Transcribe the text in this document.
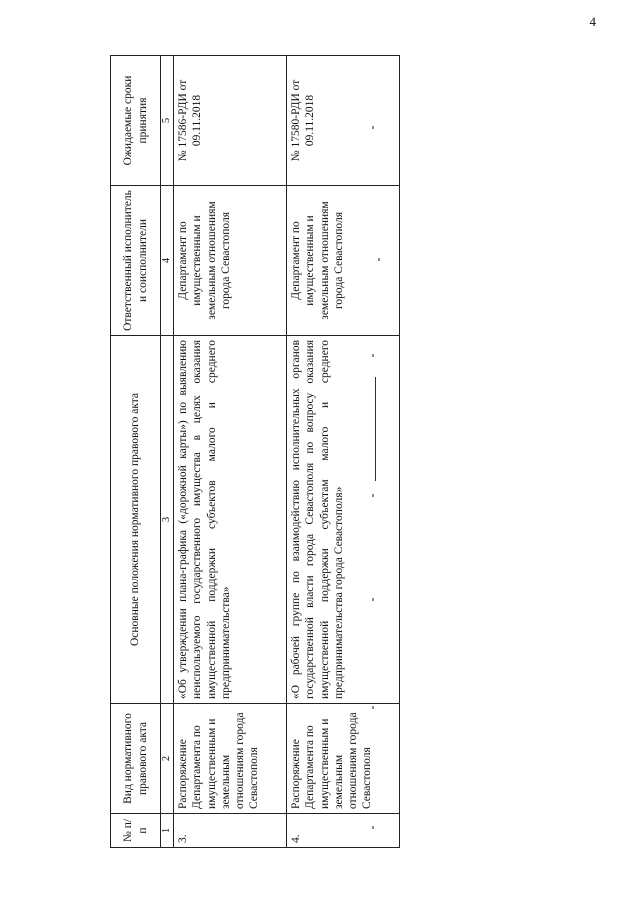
4
№ п/п	Вид нормативного правового акта	Основные положения нормативного правового акта	Ответственный исполнитель и соисполнители	Ожидаемые сроки принятия
1	2	3	4	5
3.	Распоряжение Департамента по имущественным и земельным отношениям города Севастополя	«Об утверждении плана-графика («дорожной карты») по выявлению неиспользуемого государственного имущества в целях оказания имущественной поддержки субъектов малого и среднего предпринимательства»	Департамент по имущественным и земельным отношениям города Севастополя	№ 17586-РДИ от 09.11.2018
4.	Распоряжение Департамента по имущественным и земельным отношениям города Севастополя	«О рабочей группе по взаимодействию исполнительных органов государственной власти города Севастополя по вопросу оказания имущественной поддержки субъектам малого и среднего предпринимательства города Севастополя»	Департамент по имущественным и земельным отношениям города Севастополя	№ 17580-РДИ от 09.11.2018
